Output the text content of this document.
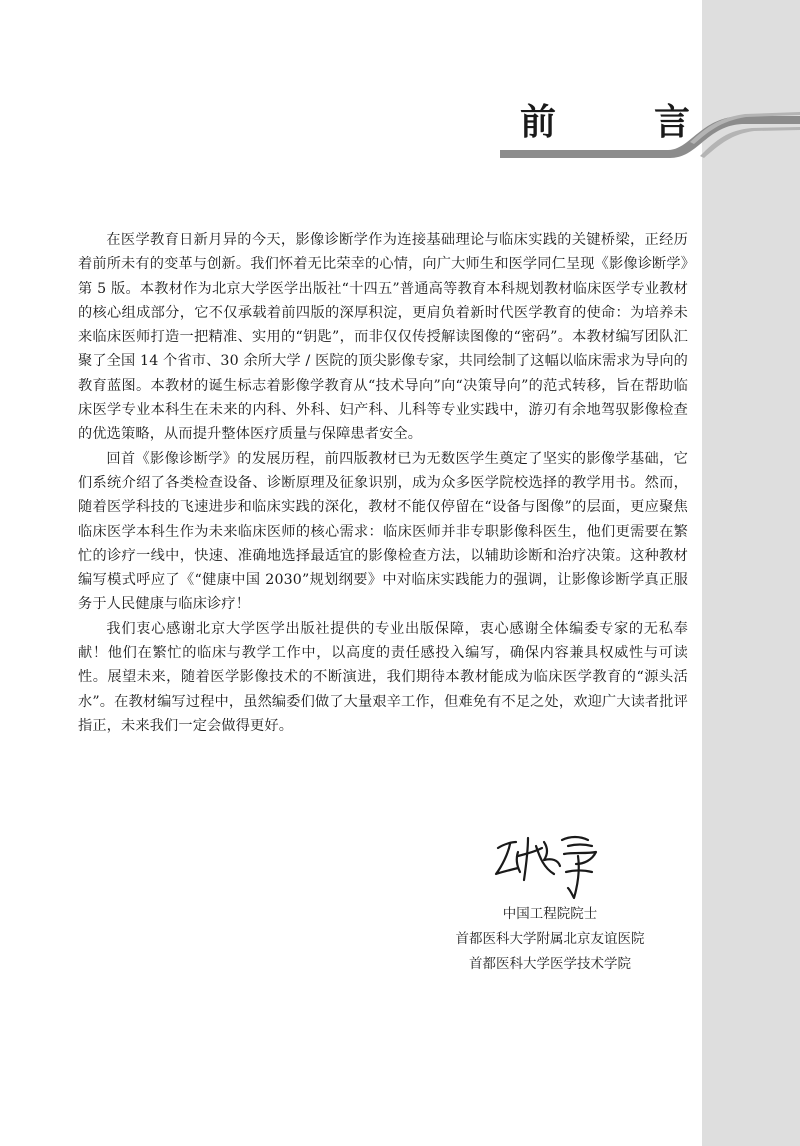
前	言

在医学教育日新月异的今天，影像诊断学作为连接基础理论与临床实践的关键桥梁，正经历着前所未有的变革与创新。我们怀着无比荣幸的心情，向广大师生和医学同仁呈现《影像诊断学》第 5 版。本教材作为北京大学医学出版社“十四五”普通高等教育本科规划教材临床医学专业教材的核心组成部分，它不仅承载着前四版的深厚积淀，更肩负着新时代医学教育的使命：为培养未来临床医师打造一把精准、实用的“钥匙”，而非仅仅传授解读图像的“密码”。本教材编写团队汇聚了全国 14 个省市、30 余所大学 / 医院的顶尖影像专家，共同绘制了这幅以临床需求为导向的教育蓝图。本教材的诞生标志着影像学教育从“技术导向”向“决策导向”的范式转移，旨在帮助临床医学专业本科生在未来的内科、外科、妇产科、儿科等专业实践中，游刃有余地驾驭影像检查的优选策略，从而提升整体医疗质量与保障患者安全。

回首《影像诊断学》的发展历程，前四版教材已为无数医学生奠定了坚实的影像学基础，它们系统介绍了各类检查设备、诊断原理及征象识别，成为众多医学院校选择的教学用书。然而，随着医学科技的飞速进步和临床实践的深化，教材不能仅停留在“设备与图像”的层面，更应聚焦临床医学本科生作为未来临床医师的核心需求：临床医师并非专职影像科医生，他们更需要在繁忙的诊疗一线中，快速、准确地选择最适宜的影像检查方法，以辅助诊断和治疗决策。这种教材编写模式呼应了《“健康中国 2030”规划纲要》中对临床实践能力的强调，让影像诊断学真正服务于人民健康与临床诊疗！

我们衷心感谢北京大学医学出版社提供的专业出版保障，衷心感谢全体编委专家的无私奉献！他们在繁忙的临床与教学工作中，以高度的责任感投入编写，确保内容兼具权威性与可读性。展望未来，随着医学影像技术的不断演进，我们期待本教材能成为临床医学教育的“源头活水”。在教材编写过程中，虽然编委们做了大量艰辛工作，但难免有不足之处，欢迎广大读者批评指正，未来我们一定会做得更好。

中国工程院院士
首都医科大学附属北京友谊医院
首都医科大学医学技术学院
